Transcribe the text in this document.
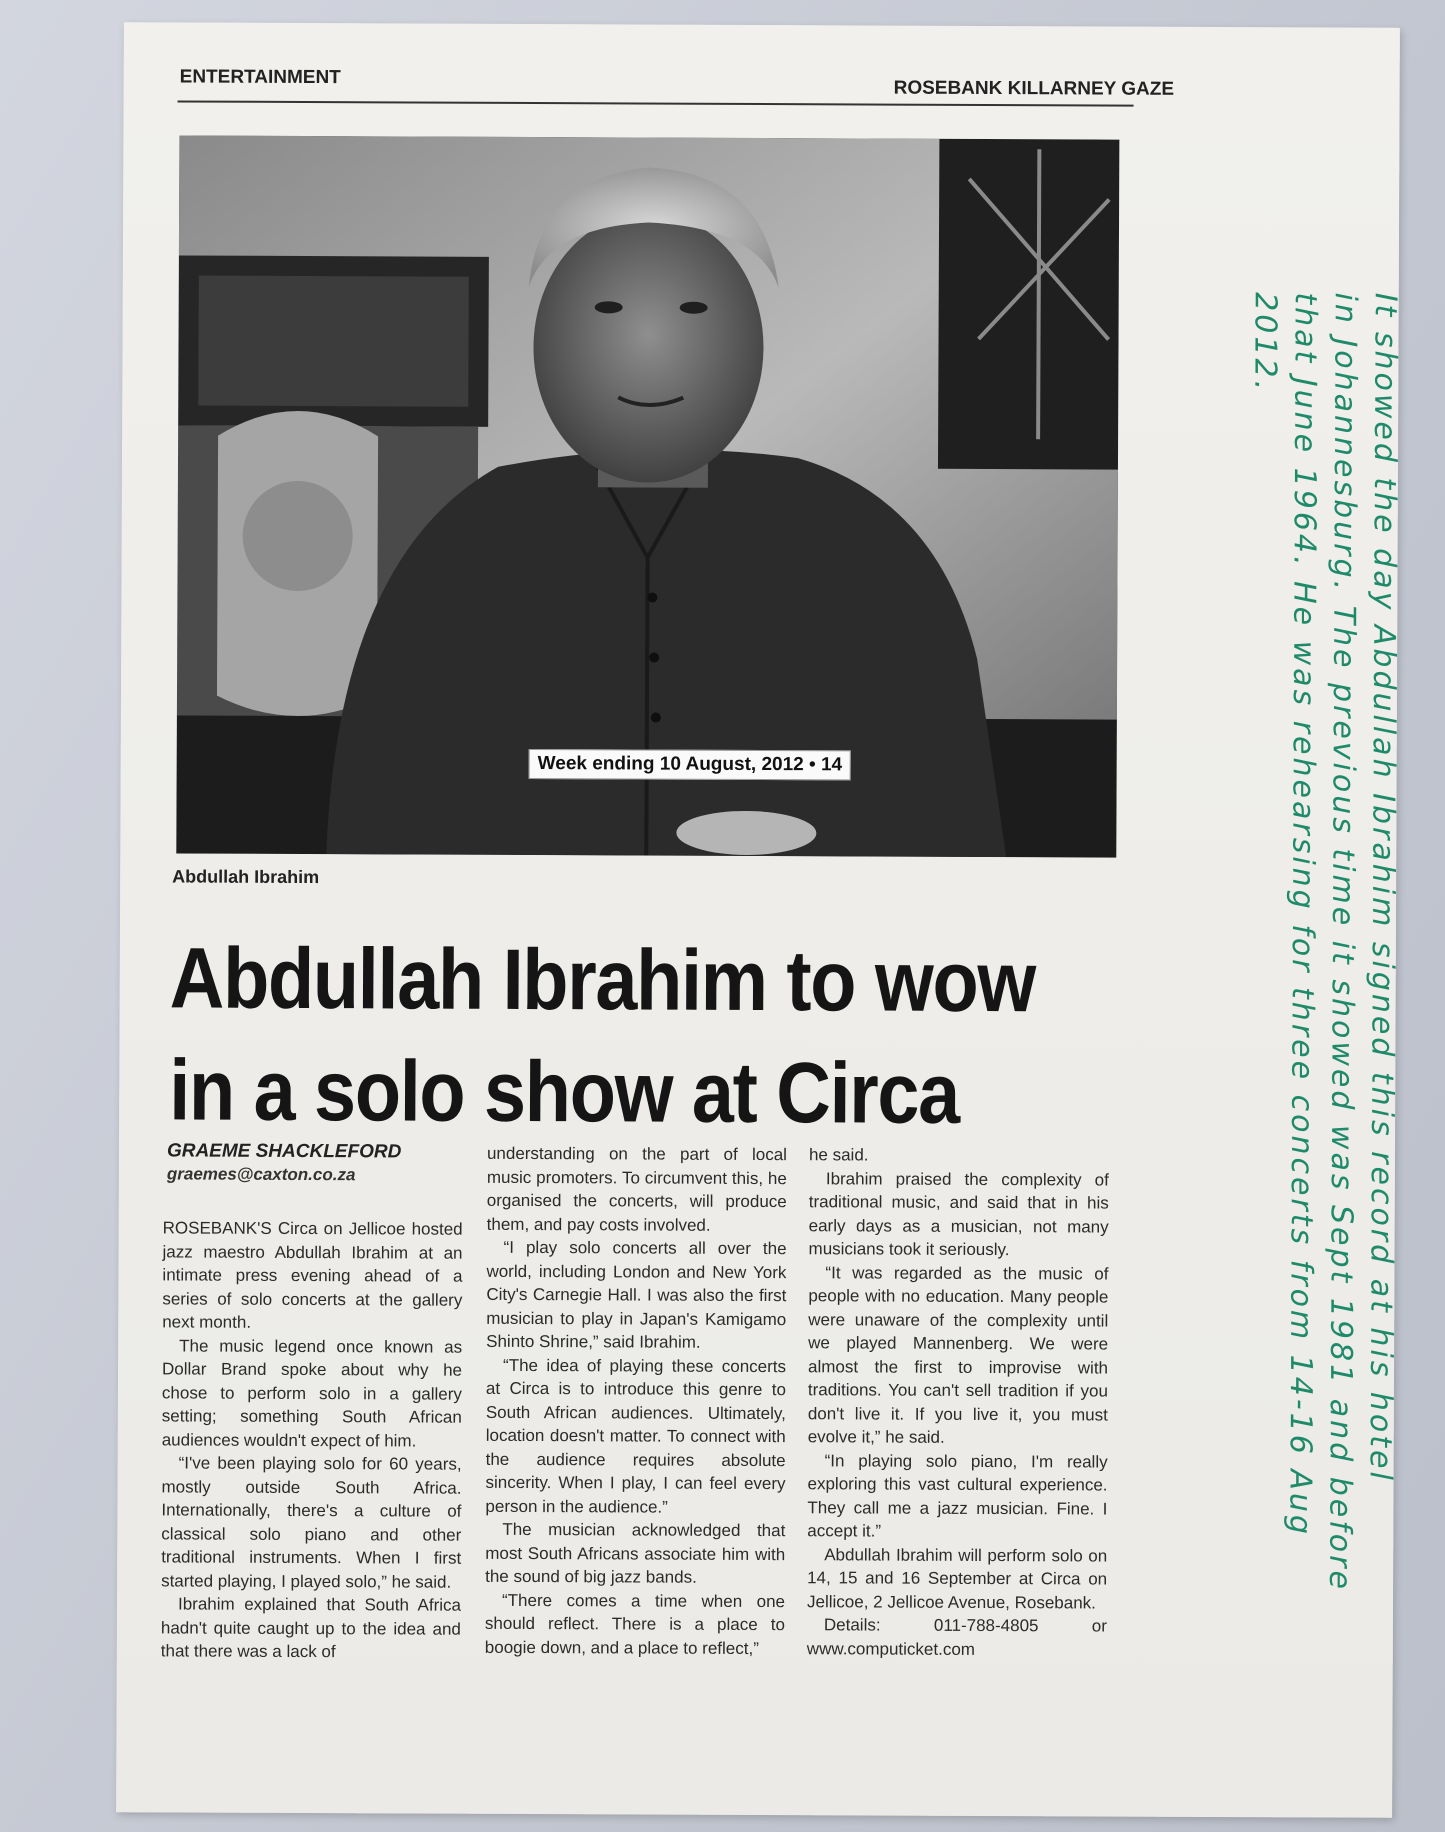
ENTERTAINMENT
ROSEBANK KILLARNEY GAZE
Week ending 10 August, 2012 • 14
Abdullah Ibrahim
Abdullah Ibrahim to wow
in a solo show at Circa
GRAEME SHACKLEFORD
graemes@caxton.co.za

ROSEBANK'S Circa on Jellicoe hosted jazz maestro Abdullah Ibrahim at an intimate press evening ahead of a series of solo concerts at the gallery next month.

The music legend once known as Dollar Brand spoke about why he chose to perform solo in a gallery setting; something South African audiences wouldn't expect of him.

“I've been playing solo for 60 years, mostly outside South Africa. Internationally, there's a culture of classical solo piano and other traditional instruments. When I first started playing, I played solo,” he said.

Ibrahim explained that South Africa hadn't quite caught up to the idea and that there was a lack of

understanding on the part of local music promoters. To circumvent this, he organised the concerts, will produce them, and pay costs involved.

“I play solo concerts all over the world, including London and New York City's Carnegie Hall. I was also the first musician to play in Japan's Kamigamo Shinto Shrine,” said Ibrahim.

“The idea of playing these concerts at Circa is to introduce this genre to South African audiences. Ultimately, location doesn't matter. To connect with the audience requires absolute sincerity. When I play, I can feel every person in the audience.”

The musician acknowledged that most South Africans associate him with the sound of big jazz bands.

“There comes a time when one should reflect. There is a place to boogie down, and a place to reflect,”

he said.

Ibrahim praised the complexity of traditional music, and said that in his early days as a musician, not many musicians took it seriously.

“It was regarded as the music of people with no education. Many people were unaware of the complexity until we played Mannenberg. We were almost the first to improvise with traditions. You can't sell tradition if you don't live it. If you live it, you must evolve it,” he said.

“In playing solo piano, I'm really exploring this vast cultural experience. They call me a jazz musician. Fine. I accept it.”

Abdullah Ibrahim will perform solo on 14, 15 and 16 September at Circa on Jellicoe, 2 Jellicoe Avenue, Rosebank.

Details: 011-788-4805 or www.computicket.com

It showed the day Abdullah Ibrahim signed this record at his hotel
in Johannesburg. The previous time it showed was Sept 1981 and before
that June 1964. He was rehearsing for three concerts from 14-16 Aug
2012.
